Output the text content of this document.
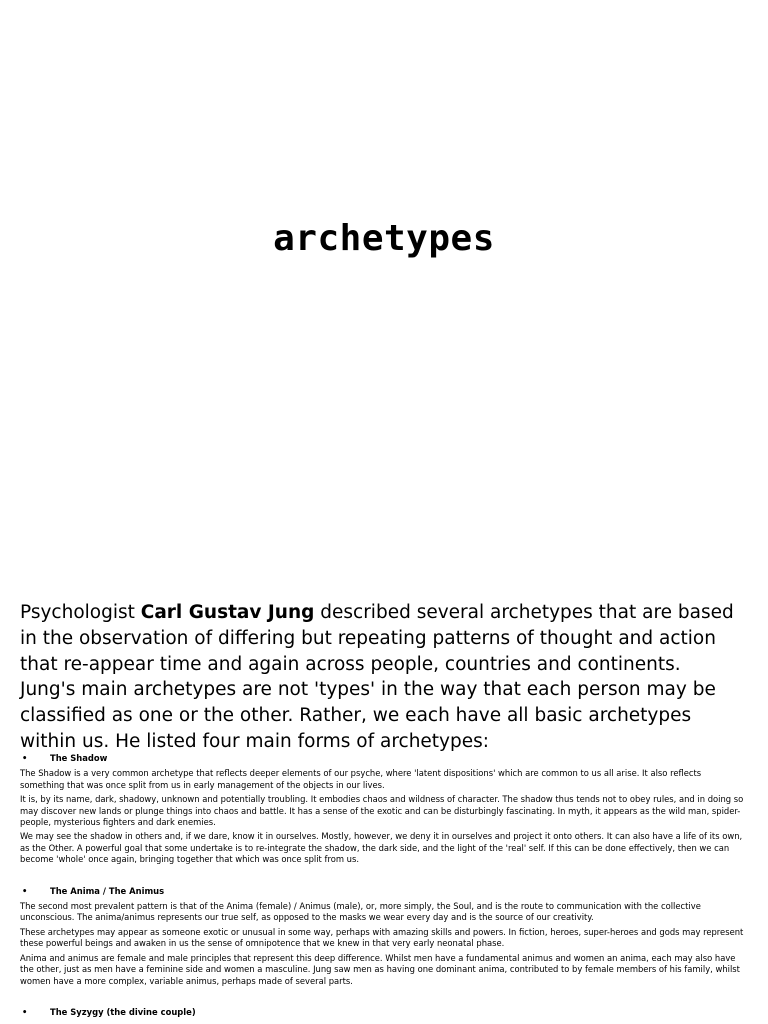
archetypes

Psychologist Carl Gustav Jung described several archetypes that are based in the observation of differing but repeating patterns of thought and action that re-appear time and again across people, countries and continents.

Jung's main archetypes are not 'types' in the way that each person may be classified as one or the other. Rather, we each have all basic archetypes within us. He listed four main forms of archetypes:

•	The Shadow

The Shadow is a very common archetype that reflects deeper elements of our psyche, where 'latent dispositions' which are common to us all arise. It also reflects something that was once split from us in early management of the objects in our lives.

It is, by its name, dark, shadowy, unknown and potentially troubling. It embodies chaos and wildness of character. The shadow thus tends not to obey rules, and in doing so may discover new lands or plunge things into chaos and battle. It has a sense of the exotic and can be disturbingly fascinating. In myth, it appears as the wild man, spider-people, mysterious fighters and dark enemies.

We may see the shadow in others and, if we dare, know it in ourselves. Mostly, however, we deny it in ourselves and project it onto others. It can also have a life of its own, as the Other. A powerful goal that some undertake is to re-integrate the shadow, the dark side, and the light of the 'real' self. If this can be done effectively, then we can become 'whole' once again, bringing together that which was once split from us.

•	The Anima / The Animus

The second most prevalent pattern is that of the Anima (female) / Animus (male), or, more simply, the Soul, and is the route to communication with the collective unconscious. The anima/animus represents our true self, as opposed to the masks we wear every day and is the source of our creativity.

These archetypes may appear as someone exotic or unusual in some way, perhaps with amazing skills and powers. In fiction, heroes, super-heroes and gods may represent these powerful beings and awaken in us the sense of omnipotence that we knew in that very early neonatal phase.

Anima and animus are female and male principles that represent this deep difference. Whilst men have a fundamental animus and women an anima, each may also have the other, just as men have a feminine side and women a masculine. Jung saw men as having one dominant anima, contributed to by female members of his family, whilst women have a more complex, variable animus, perhaps made of several parts.

•	The Syzygy (the divine couple)
